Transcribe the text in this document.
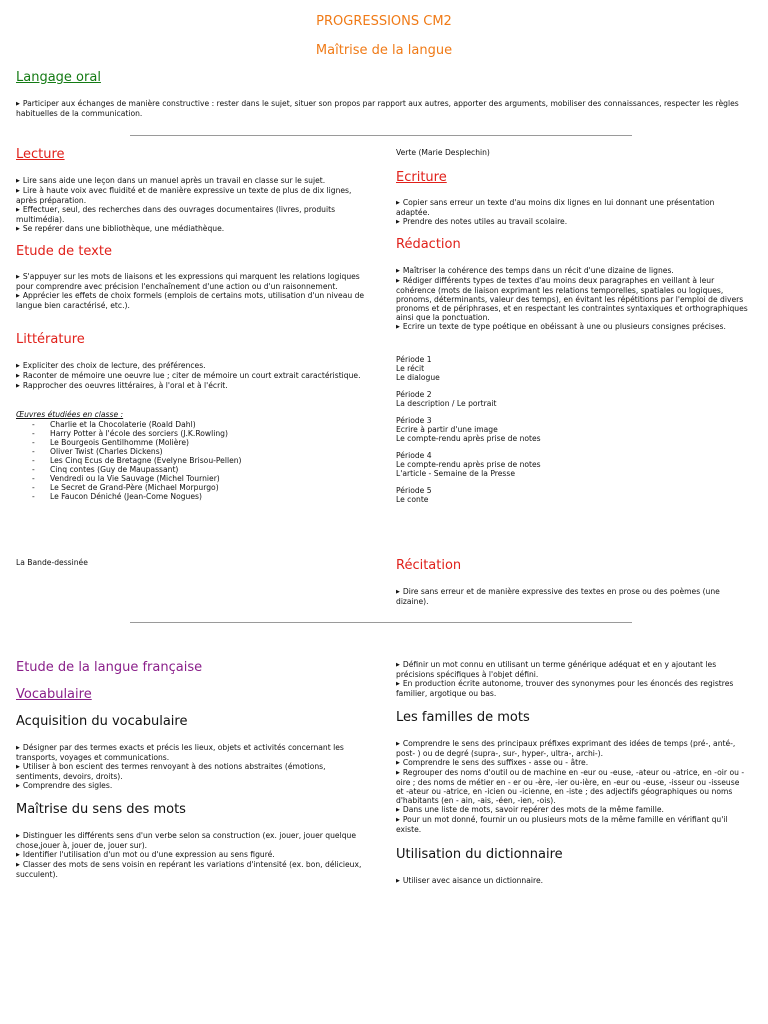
PROGRESSIONS CM2
Maîtrise de la langue
Langage oral

▶ Participer aux échanges de manière constructive : rester dans le sujet, situer son propos par rapport aux autres, apporter des arguments, mobiliser des connaissances, respecter les règles habituelles de la communication.

Lecture

▶ Lire sans aide une leçon dans un manuel après un travail en classe sur le sujet.

▶ Lire à haute voix avec fluidité et de manière expressive un texte de plus de dix lignes, après préparation.

▶ Effectuer, seul, des recherches dans des ouvrages documentaires (livres, produits multimédia).

▶ Se repérer dans une bibliothèque, une médiathèque.

Etude de texte

▶ S'appuyer sur les mots de liaisons et les expressions qui marquent les relations logiques pour comprendre avec précision l'enchaînement d'une action ou d'un raisonnement.

▶ Apprécier les effets de choix formels (emplois de certains mots, utilisation d'un niveau de langue bien caractérisé, etc.).

Littérature

▶ Expliciter des choix de lecture, des préférences.

▶ Raconter de mémoire une oeuvre lue ; citer de mémoire un court extrait caractéristique.

▶ Rapprocher des oeuvres littéraires, à l'oral et à l'écrit.

Œuvres étudiées en classe :
- Charlie et la Chocolaterie (Roald Dahl)
- Harry Potter à l'école des sorciers (J.K.Rowling)
- Le Bourgeois Gentilhomme (Molière)
- Oliver Twist (Charles Dickens)
- Les Cinq Ecus de Bretagne (Evelyne Brisou-Pellen)
- Cinq contes (Guy de Maupassant)
- Vendredi ou la Vie Sauvage (Michel Tournier)
- Le Secret de Grand-Père (Michael Morpurgo)
- Le Faucon Déniché (Jean-Come Nogues)
La Bande-dessinée
Verte (Marie Desplechin)
Ecriture

▶ Copier sans erreur un texte d'au moins dix lignes en lui donnant une présentation adaptée.

▶ Prendre des notes utiles au travail scolaire.

Rédaction

▶ Maîtriser la cohérence des temps dans un récit d'une dizaine de lignes.

▶ Rédiger différents types de textes d'au moins deux paragraphes en veillant à leur cohérence (mots de liaison exprimant les relations temporelles, spatiales ou logiques, pronoms, déterminants, valeur des temps), en évitant les répétitions par l'emploi de divers pronoms et de périphrases, et en respectant les contraintes syntaxiques et orthographiques ainsi que la ponctuation.

▶ Ecrire un texte de type poétique en obéissant à une ou plusieurs consignes précises.

Période 1
Le récit
Le dialogue
Période 2
La description / Le portrait
Période 3
Ecrire à partir d'une image
Le compte-rendu après prise de notes
Période 4
Le compte-rendu après prise de notes
L'article - Semaine de la Presse
Période 5
Le conte
Récitation

▶ Dire sans erreur et de manière expressive des textes en prose ou des poèmes (une dizaine).

Etude de la langue française
Vocabulaire
Acquisition du vocabulaire

▶ Désigner par des termes exacts et précis les lieux, objets et activités concernant les transports, voyages et communications.

▶ Utiliser à bon escient des termes renvoyant à des notions abstraites (émotions, sentiments, devoirs, droits).

▶ Comprendre des sigles.

Maîtrise du sens des mots

▶ Distinguer les différents sens d'un verbe selon sa construction (ex. jouer, jouer quelque chose,jouer à, jouer de, jouer sur).

▶ Identifier l'utilisation d'un mot ou d'une expression au sens figuré.

▶ Classer des mots de sens voisin en repérant les variations d'intensité (ex. bon, délicieux, succulent).

▶ Définir un mot connu en utilisant un terme générique adéquat et en y ajoutant les précisions spécifiques à l'objet défini.

▶ En production écrite autonome, trouver des synonymes pour les énoncés des registres familier, argotique ou bas.

Les familles de mots

▶ Comprendre le sens des principaux préfixes exprimant des idées de temps (pré-, anté-, post- ) ou de degré (supra-, sur-, hyper-, ultra-, archi-).

▶ Comprendre le sens des suffixes - asse ou - âtre.

▶ Regrouper des noms d'outil ou de machine en -eur ou -euse, -ateur ou -atrice, en -oir ou -oire ; des noms de métier en - er ou -ère, -ier ou-ière, en -eur ou -euse, -isseur ou -isseuse et -ateur ou -atrice, en -icien ou -icienne, en -iste ; des adjectifs géographiques ou noms d'habitants (en - ain, -ais, -éen, -ien, -ois).

▶ Dans une liste de mots, savoir repérer des mots de la même famille.

▶ Pour un mot donné, fournir un ou plusieurs mots de la même famille en vérifiant qu'il existe.

Utilisation du dictionnaire

▶ Utiliser avec aisance un dictionnaire.
